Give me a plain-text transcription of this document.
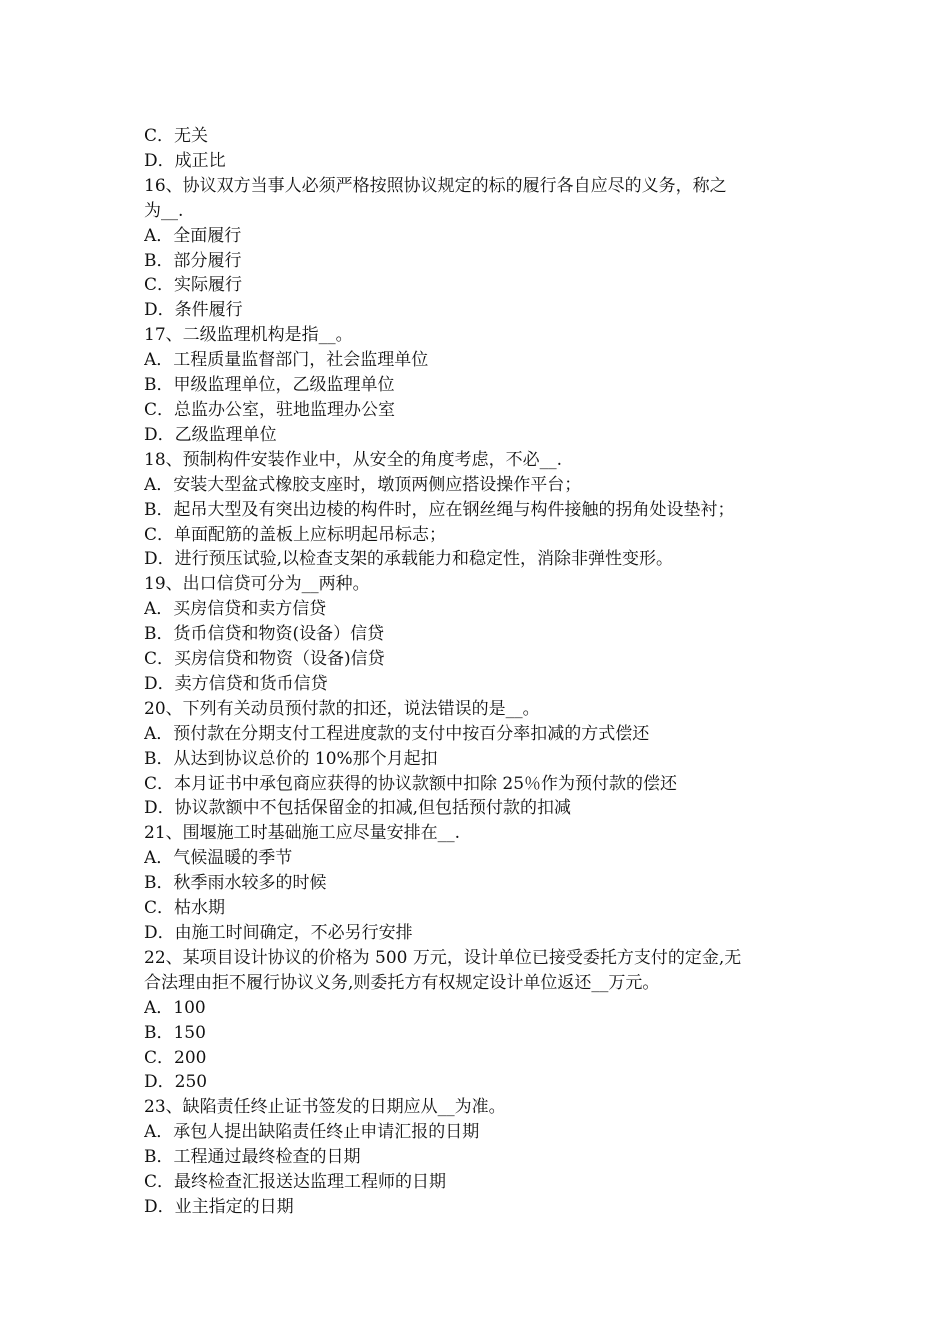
C．无关
D．成正比
16、协议双方当事人必须严格按照协议规定的标的履行各自应尽的义务，称之
为__.
A．全面履行
B．部分履行
C．实际履行
D．条件履行
17、二级监理机构是指__。
A．工程质量监督部门，社会监理单位
B．甲级监理单位，乙级监理单位
C．总监办公室，驻地监理办公室
D．乙级监理单位
18、预制构件安装作业中，从安全的角度考虑，不必__.
A．安装大型盆式橡胶支座时，墩顶两侧应搭设操作平台；
B．起吊大型及有突出边棱的构件时，应在钢丝绳与构件接触的拐角处设垫衬；
C．单面配筋的盖板上应标明起吊标志；
D．进行预压试验,以检查支架的承载能力和稳定性，消除非弹性变形。
19、出口信贷可分为__两种。
A．买房信贷和卖方信贷
B．货币信贷和物资(设备）信贷
C．买房信贷和物资（设备)信贷
D．卖方信贷和货币信贷
20、下列有关动员预付款的扣还，说法错误的是__。
A．预付款在分期支付工程进度款的支付中按百分率扣减的方式偿还
B．从达到协议总价的 10%那个月起扣
C．本月证书中承包商应获得的协议款额中扣除 25％作为预付款的偿还
D．协议款额中不包括保留金的扣减,但包括预付款的扣减
21、围堰施工时基础施工应尽量安排在__.
A．气候温暖的季节
B．秋季雨水较多的时候
C．枯水期
D．由施工时间确定，不必另行安排
22、某项目设计协议的价格为 500 万元，设计单位已接受委托方支付的定金,无
合法理由拒不履行协议义务,则委托方有权规定设计单位返还__万元。
A．100
B．150
C．200
D．250
23、缺陷责任终止证书签发的日期应从__为准。
A．承包人提出缺陷责任终止申请汇报的日期
B．工程通过最终检查的日期
C．最终检查汇报送达监理工程师的日期
D．业主指定的日期
